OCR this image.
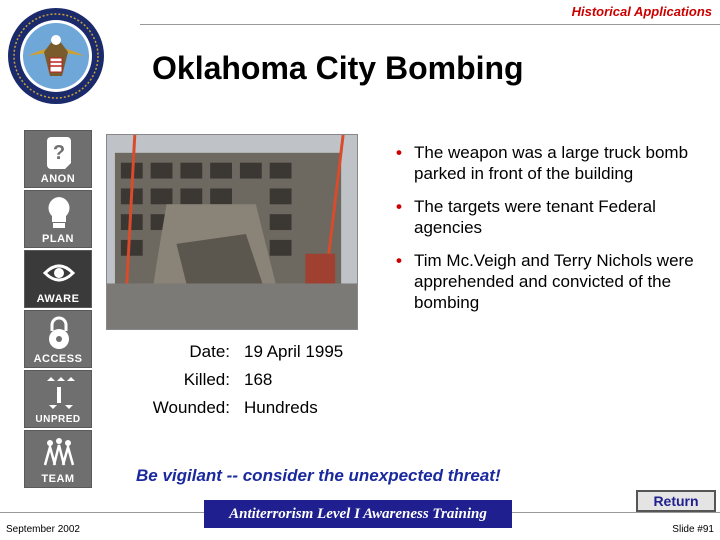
Historical Applications
Oklahoma City Bombing
?
ANON
PLAN
AWARE
ACCESS
UNPRED
TEAM
• The weapon was a large truck bomb parked in front of the building
• The targets were tenant Federal agencies
• Tim Mc.Veigh and Terry Nichols were apprehended and convicted of the bombing
Date: 19 April 1995
Killed: 168
Wounded: Hundreds
Be vigilant -- consider the unexpected threat!
Return
September 2002
Antiterrorism Level I Awareness Training
Slide #91
